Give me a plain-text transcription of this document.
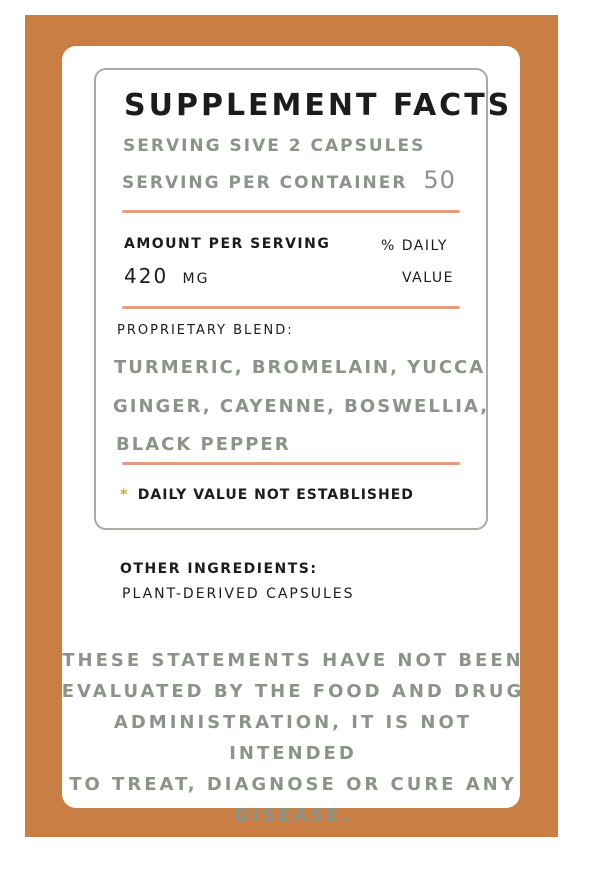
SUPPLEMENT FACTS
SERVING SIVE 2 CAPSULES
SERVING PER CONTAINER 50
AMOUNT PER SERVING	% DAILY
VALUE
420 MG
PROPRIETARY BLEND:
TURMERIC, BROMELAIN, YUCCA
GINGER, CAYENNE, BOSWELLIA,
BLACK PEPPER
* DAILY VALUE NOT ESTABLISHED
OTHER INGREDIENTS:
PLANT-DERIVED CAPSULES
THESE STATEMENTS HAVE NOT BEEN
EVALUATED BY THE FOOD AND DRUG
ADMINISTRATION, IT IS NOT INTENDED
TO TREAT, DIAGNOSE OR CURE ANY
DISEASE.
